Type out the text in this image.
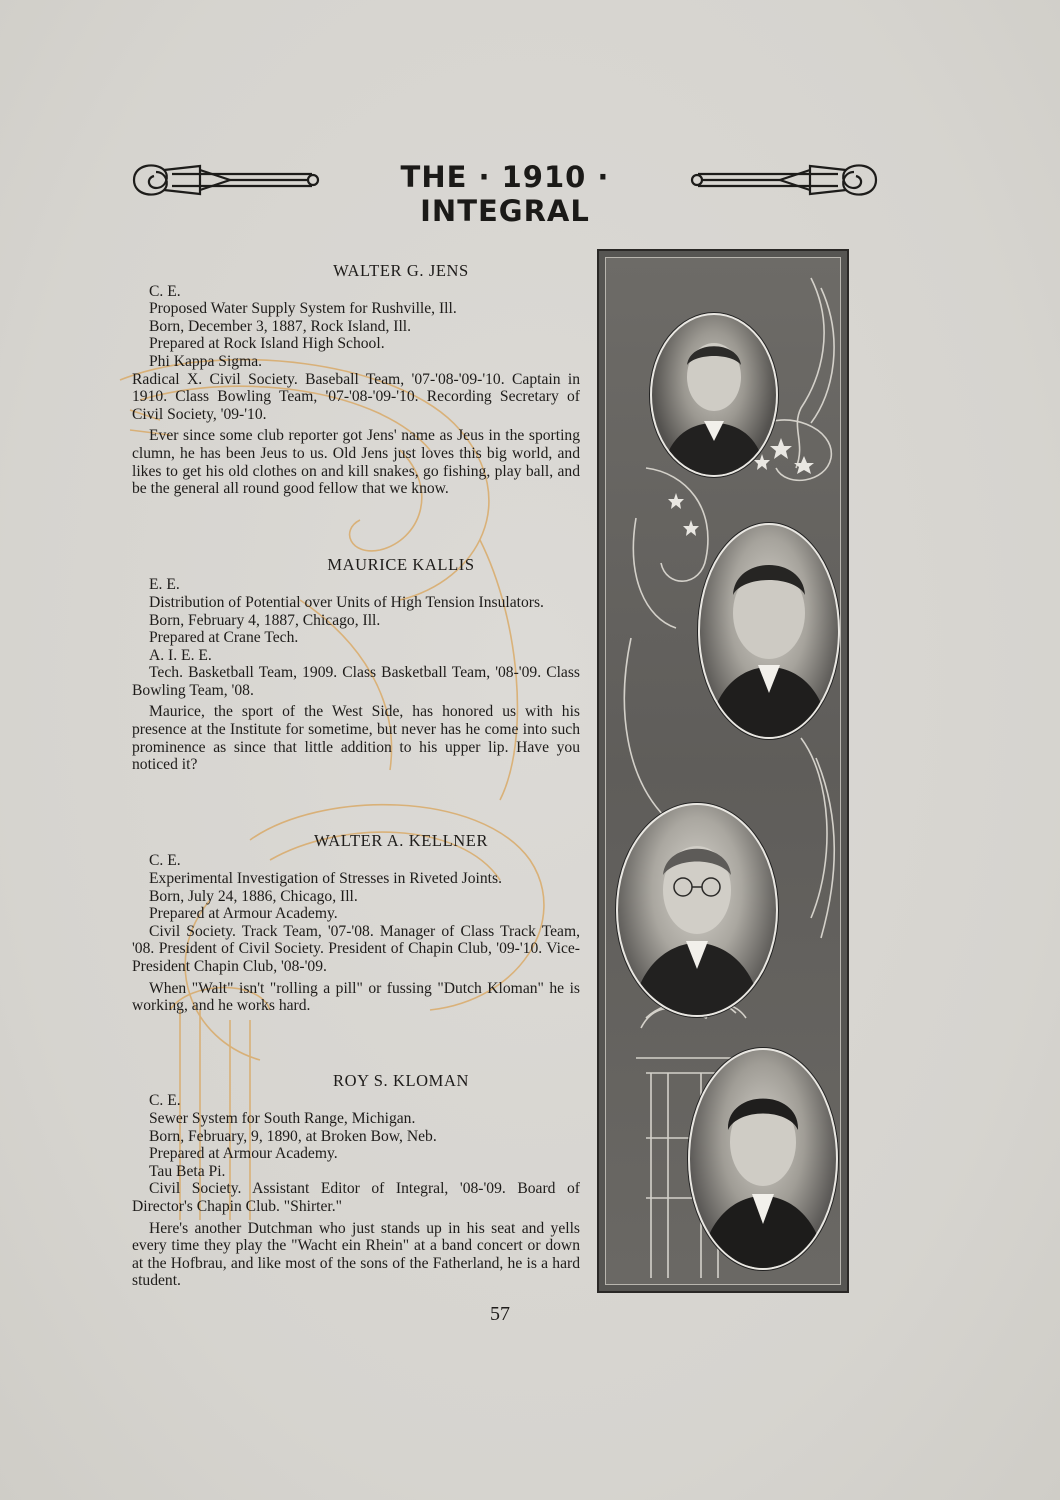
THE · 1910 · INTEGRAL
WALTER G. JENS
C. E.
Proposed Water Supply System for Rushville, Ill.
Born, December 3, 1887, Rock Island, Ill.
Prepared at Rock Island High School.
Phi Kappa Sigma.
Radical X. Civil Society. Baseball Team, '07-'08-'09-'10. Captain in 1910. Class Bowling Team, '07-'08-'09-'10. Recording Secretary of Civil Society, '09-'10.
Ever since some club reporter got Jens' name as Jeus in the sporting clumn, he has been Jeus to us. Old Jens just loves this big world, and likes to get his old clothes on and kill snakes, go fishing, play ball, and be the general all round good fellow that we know.
MAURICE KALLIS
E. E.
Distribution of Potential over Units of High Tension Insulators.
Born, February 4, 1887, Chicago, Ill.
Prepared at Crane Tech.
A. I. E. E.
Tech. Basketball Team, 1909. Class Basketball Team, '08-'09. Class Bowling Team, '08.
Maurice, the sport of the West Side, has honored us with his presence at the Institute for sometime, but never has he come into such prominence as since that little addition to his upper lip. Have you noticed it?
WALTER A. KELLNER
C. E.
Experimental Investigation of Stresses in Riveted Joints.
Born, July 24, 1886, Chicago, Ill.
Prepared at Armour Academy.
Civil Society. Track Team, '07-'08. Manager of Class Track Team, '08. President of Civil Society. President of Chapin Club, '09-'10. Vice-President Chapin Club, '08-'09.
When "Walt" isn't "rolling a pill" or fussing "Dutch Kloman" he is working, and he works hard.
ROY S. KLOMAN
C. E.
Sewer System for South Range, Michigan.
Born, February, 9, 1890, at Broken Bow, Neb.
Prepared at Armour Academy.
Tau Beta Pi.
Civil Society. Assistant Editor of Integral, '08-'09. Board of Director's Chapin Club. "Shirter."
Here's another Dutchman who just stands up in his seat and yells every time they play the "Wacht ein Rhein" at a band concert or down at the Hofbrau, and like most of the sons of the Fatherland, he is a hard student.
57
